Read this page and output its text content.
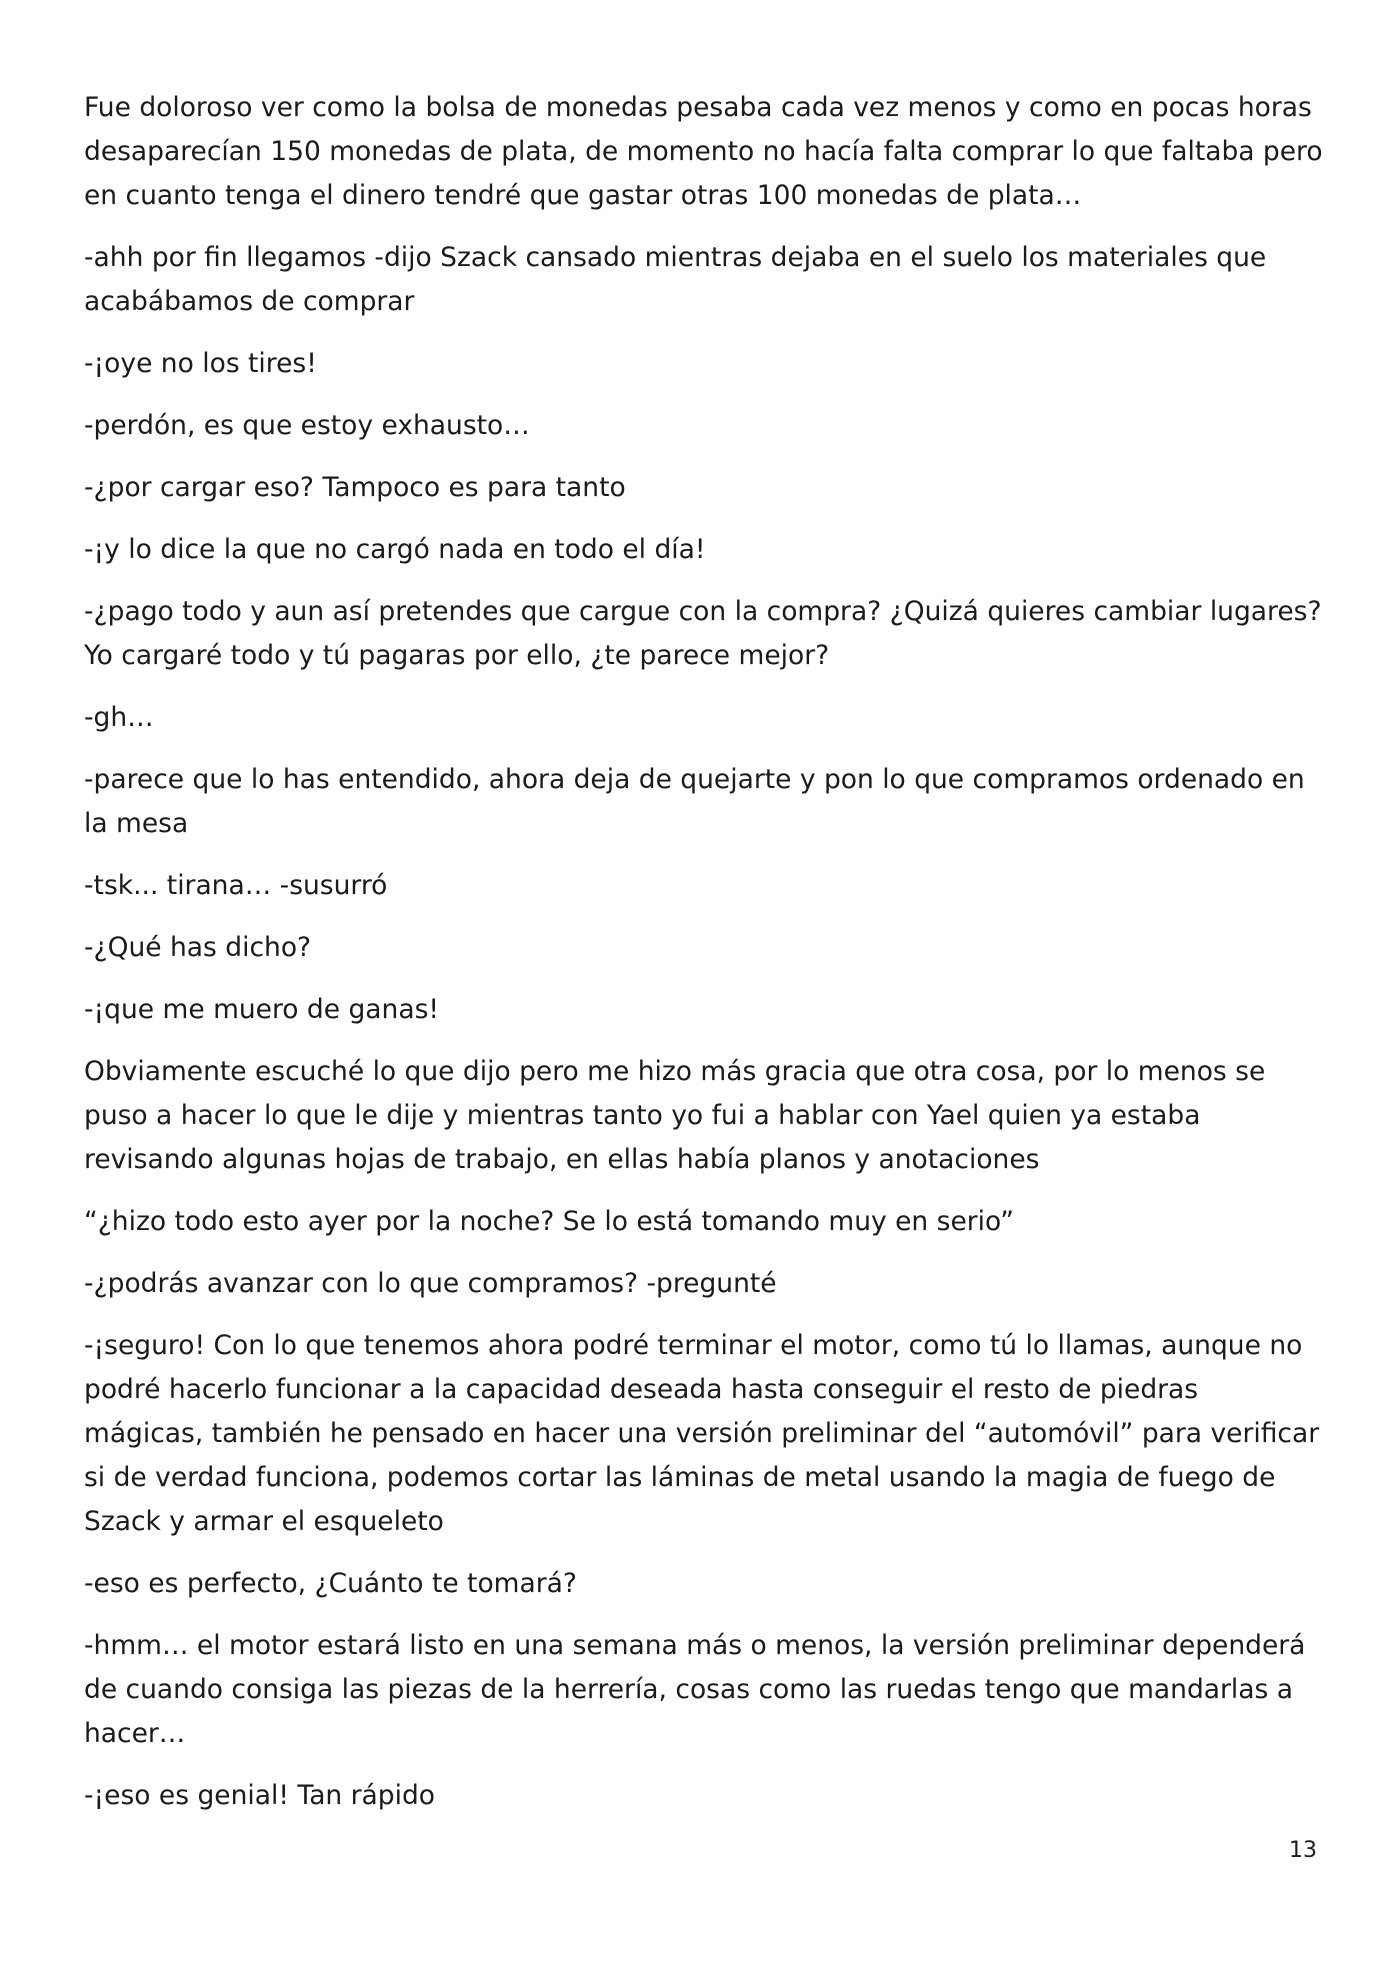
Fue doloroso ver como la bolsa de monedas pesaba cada vez menos y como en pocas horas desaparecían 150 monedas de plata, de momento no hacía falta comprar lo que faltaba pero en cuanto tenga el dinero tendré que gastar otras 100 monedas de plata…

-ahh por fin llegamos -dijo Szack cansado mientras dejaba en el suelo los materiales que acabábamos de comprar

-¡oye no los tires!

-perdón, es que estoy exhausto…

-¿por cargar eso? Tampoco es para tanto

-¡y lo dice la que no cargó nada en todo el día!

-¿pago todo y aun así pretendes que cargue con la compra? ¿Quizá quieres cambiar lugares? Yo cargaré todo y tú pagaras por ello, ¿te parece mejor?

-gh…

-parece que lo has entendido, ahora deja de quejarte y pon lo que compramos ordenado en la mesa

-tsk... tirana… -susurró

-¿Qué has dicho?

-¡que me muero de ganas!

Obviamente escuché lo que dijo pero me hizo más gracia que otra cosa, por lo menos se puso a hacer lo que le dije y mientras tanto yo fui a hablar con Yael quien ya estaba revisando algunas hojas de trabajo, en ellas había planos y anotaciones

“¿hizo todo esto ayer por la noche? Se lo está tomando muy en serio”

-¿podrás avanzar con lo que compramos? -pregunté

-¡seguro! Con lo que tenemos ahora podré terminar el motor, como tú lo llamas, aunque no podré hacerlo funcionar a la capacidad deseada hasta conseguir el resto de piedras mágicas, también he pensado en hacer una versión preliminar del “automóvil” para verificar si de verdad funciona, podemos cortar las láminas de metal usando la magia de fuego de Szack y armar el esqueleto

-eso es perfecto, ¿Cuánto te tomará?

-hmm… el motor estará listo en una semana más o menos, la versión preliminar dependerá de cuando consiga las piezas de la herrería, cosas como las ruedas tengo que mandarlas a hacer…

-¡eso es genial! Tan rápido

13
